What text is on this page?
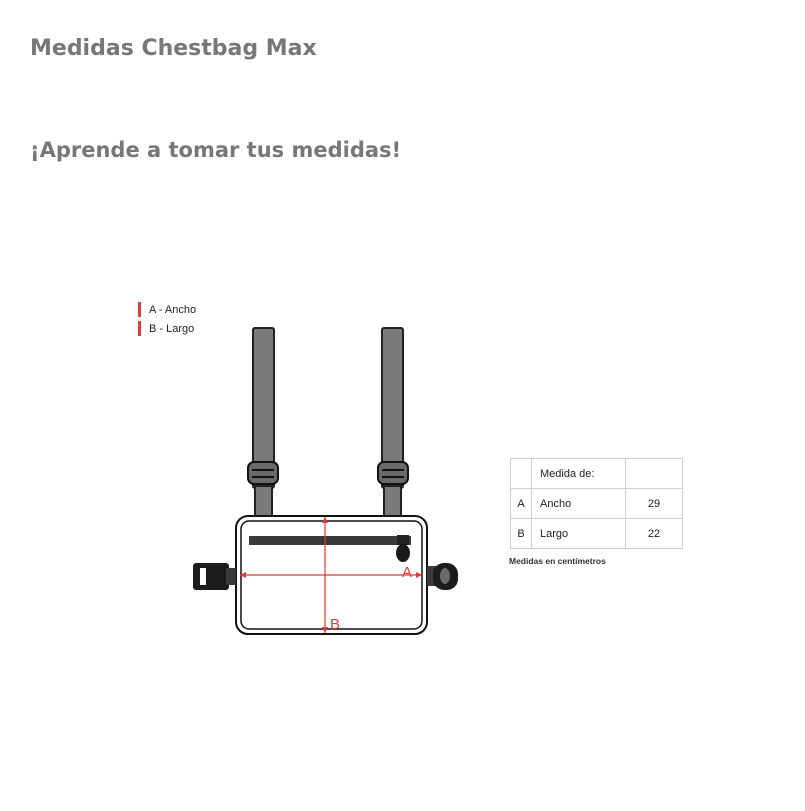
Medidas Chestbag Max
¡Aprende a tomar tus medidas!
A - Ancho
B - Largo
A
B
	Medida de:	
A	Ancho	29
B	Largo	22
Medidas en centímetros
